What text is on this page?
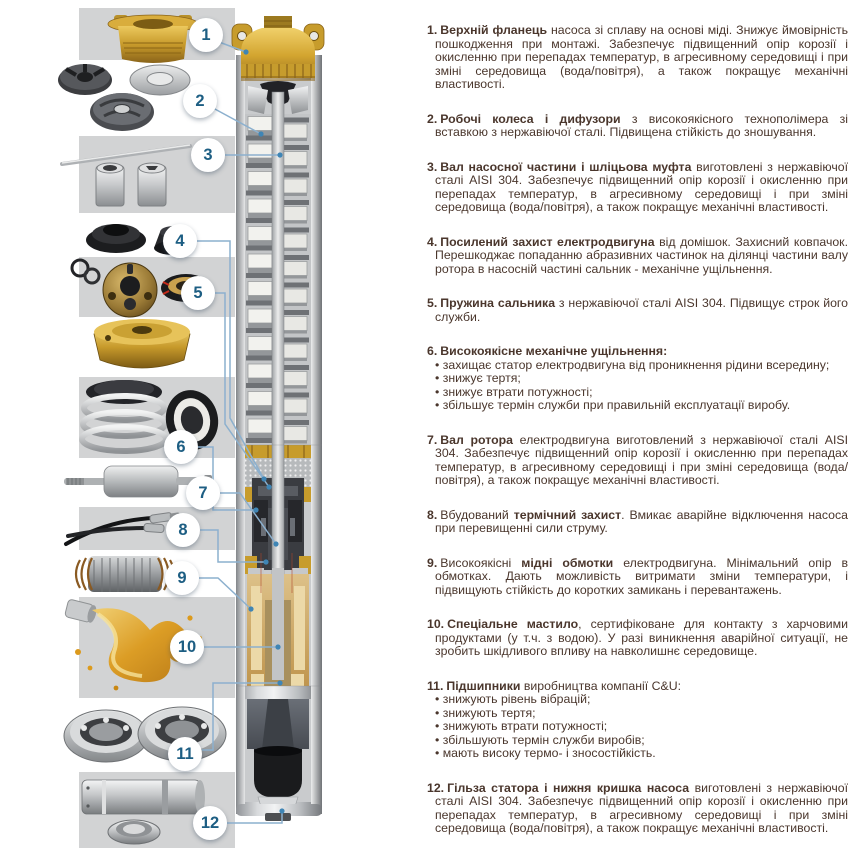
1
2
3
4
5
6
7
8
9
10
11
12
1. Верхній фланець насоса зі сплаву на основі міді. Знижує ймовірність пошкодження при монтажі. Забезпечує підвищенний опір корозії і окисленню при перепадах температур, в агресивному середовищі і при зміні середовища (вода/повітря), а також покращує механічні властивості.
2. Робочі колеса і дифузори з високоякісного технополімера зі вставкою з нержавіючої сталі. Підвищена стійкість до зношування.
3. Вал насосної частини і шліцьова муфта виготовлені з нержавіючої сталі AISI 304. Забезпечує підвищенний опір корозії і окисленню при перепадах температур, в агресивному середовищі і при зміні середовища (вода/повітря), а також покращує механічні властивості.
4. Посилений захист електродвигуна від домішок. Захисний ковпачок. Перешкоджає попаданню абразивних частинок на ділянці частини валу ротора в насосній частині сальник - механічне ущільнення.
5. Пружина сальника з нержавіючої сталі AISI 304. Підвищує строк його служби.
6. Високоякісне механічне ущільнення:
• захищає статор електродвигуна від проникнення рідини всередину;
• знижує тертя;
• знижує втрати потужності;
• збільшує термін служби при правильній експлуатації виробу.
7. Вал ротора електродвигуна виготовлений з нержавіючої сталі AISI 304. Забезпечує підвищенний опір корозії і окисленню при перепадах температур, в агресивному середовищі і при зміні середовища (вода/повітря), а також покращує механічні властивості.
8. Вбудований термічний захист. Вмикає аварійне відключення насоса при перевищенні сили струму.
9. Високоякісні мідні обмотки електродвигуна. Мінімальний опір в обмотках. Дають можливість витримати зміни температури, і підвищують стійкість до коротких замикань і перевантажень.
10. Спеціальне мастило, сертифіковане для контакту з харчовими продуктами (у т.ч. з водою). У разі виникнення аварійної ситуації, не зробить шкідливого впливу на навколишнє середовище.
11. Підшипники виробництва компанії C&U:
• знижують рівень вібрацій;
• знижують тертя;
• знижують втрати потужності;
• збільшують термін служби виробів;
• мають високу термо- і зносостійкість.
12. Гільза статора і нижня кришка насоса виготовлені з нержавіючої сталі AISI 304. Забезпечує підвищенний опір корозії і окисленню при перепадах температур, в агресивному середовищі і при зміні середовища (вода/повітря), а також покращує механічні властивості.
